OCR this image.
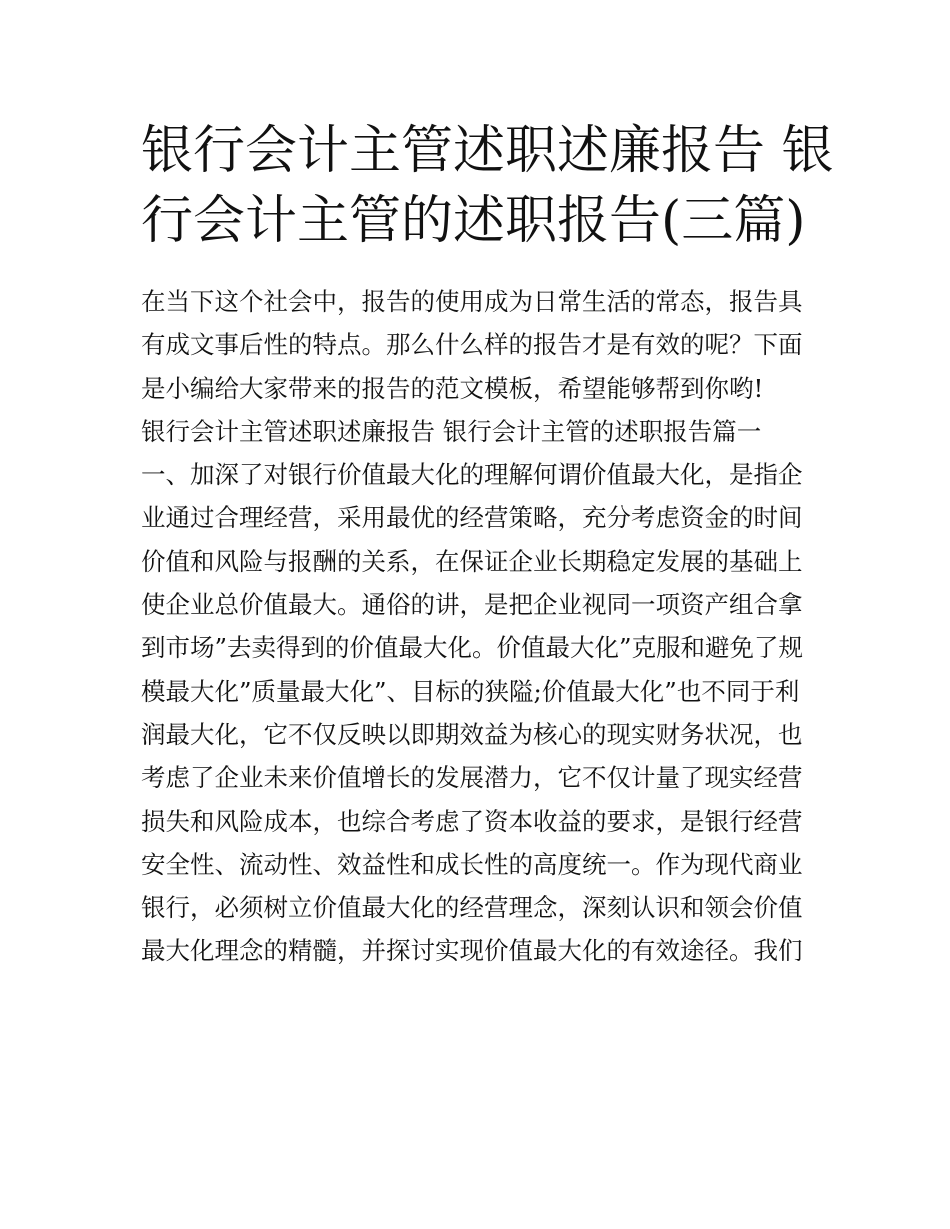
银行会计主管述职述廉报告 银
行会计主管的述职报告(三篇)
在当下这个社会中，报告的使用成为日常生活的常态，报告具
有成文事后性的特点。那么什么样的报告才是有效的呢？下面
是小编给大家带来的报告的范文模板，希望能够帮到你哟!
银行会计主管述职述廉报告 银行会计主管的述职报告篇一
一、加深了对银行价值最大化的理解何谓价值最大化，是指企
业通过合理经营，采用最优的经营策略，充分考虑资金的时间
价值和风险与报酬的关系，在保证企业长期稳定发展的基础上
使企业总价值最大。通俗的讲，是把企业视同一项资产组合拿
到市场”去卖得到的价值最大化。价值最大化”克服和避免了规
模最大化”质量最大化”、目标的狭隘;价值最大化”也不同于利
润最大化，它不仅反映以即期效益为核心的现实财务状况，也
考虑了企业未来价值增长的发展潜力，它不仅计量了现实经营
损失和风险成本，也综合考虑了资本收益的要求，是银行经营
安全性、流动性、效益性和成长性的高度统一。作为现代商业
银行，必须树立价值最大化的经营理念，深刻认识和领会价值
最大化理念的精髓，并探讨实现价值最大化的有效途径。我们
